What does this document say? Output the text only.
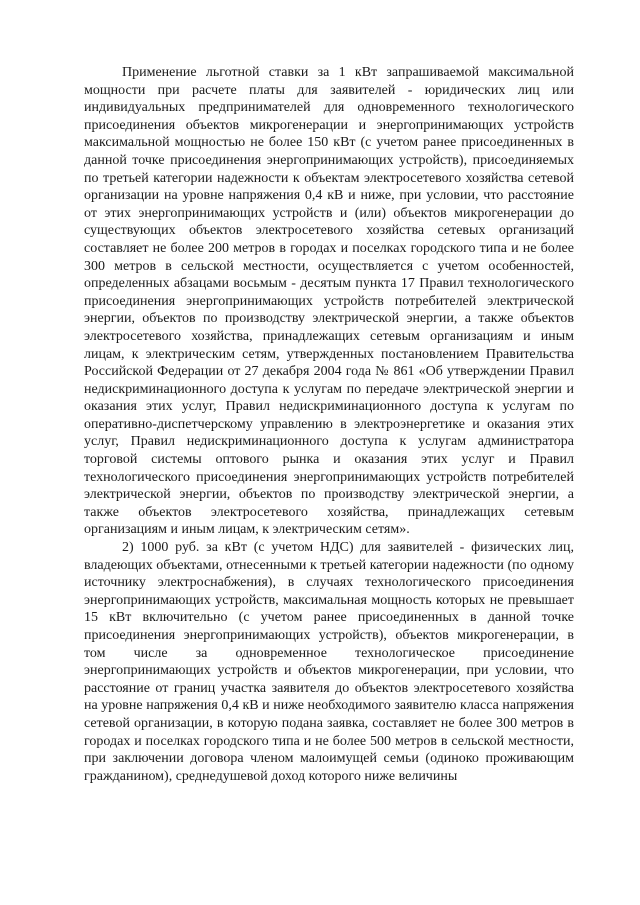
Применение льготной ставки за 1 кВт запрашиваемой максимальной мощности при расчете платы для заявителей - юридических лиц или индивидуальных предпринимателей для одновременного технологического присоединения объектов микрогенерации и энергопринимающих устройств максимальной мощностью не более 150 кВт (с учетом ранее присоединенных в данной точке присоединения энергопринимающих устройств), присоединяемых по третьей категории надежности к объектам электросетевого хозяйства сетевой организации на уровне напряжения 0,4 кВ и ниже, при условии, что расстояние от этих энергопринимающих устройств и (или) объектов микрогенерации до существующих объектов электросетевого хозяйства сетевых организаций составляет не более 200 метров в городах и поселках городского типа и не более 300 метров в сельской местности, осуществляется с учетом особенностей, определенных абзацами восьмым - десятым пункта 17 Правил технологического присоединения энергопринимающих устройств потребителей электрической энергии, объектов по производству электрической энергии, а также объектов электросетевого хозяйства, принадлежащих сетевым организациям и иным лицам, к электрическим сетям, утвержденных постановлением Правительства Российской Федерации от 27 декабря 2004 года № 861 «Об утверждении Правил недискриминационного доступа к услугам по передаче электрической энергии и оказания этих услуг, Правил недискриминационного доступа к услугам по оперативно-диспетчерскому управлению в электроэнергетике и оказания этих услуг, Правил недискриминационного доступа к услугам администратора торговой системы оптового рынка и оказания этих услуг и Правил технологического присоединения энергопринимающих устройств потребителей электрической энергии, объектов по производству электрической энергии, а также объектов электросетевого хозяйства, принадлежащих сетевым организациям и иным лицам, к электрическим сетям».

2) 1000 руб. за кВт (с учетом НДС) для заявителей - физических лиц, владеющих объектами, отнесенными к третьей категории надежности (по одному источнику электроснабжения), в случаях технологического присоединения энергопринимающих устройств, максимальная мощность которых не превышает 15 кВт включительно (с учетом ранее присоединенных в данной точке присоединения энергопринимающих устройств), объектов микрогенерации, в том числе за одновременное технологическое присоединение энергопринимающих устройств и объектов микрогенерации, при условии, что расстояние от границ участка заявителя до объектов электросетевого хозяйства на уровне напряжения 0,4 кВ и ниже необходимого заявителю класса напряжения сетевой организации, в которую подана заявка, составляет не более 300 метров в городах и поселках городского типа и не более 500 метров в сельской местности, при заключении договора членом малоимущей семьи (одиноко проживающим гражданином), среднедушевой доход которого ниже величины
